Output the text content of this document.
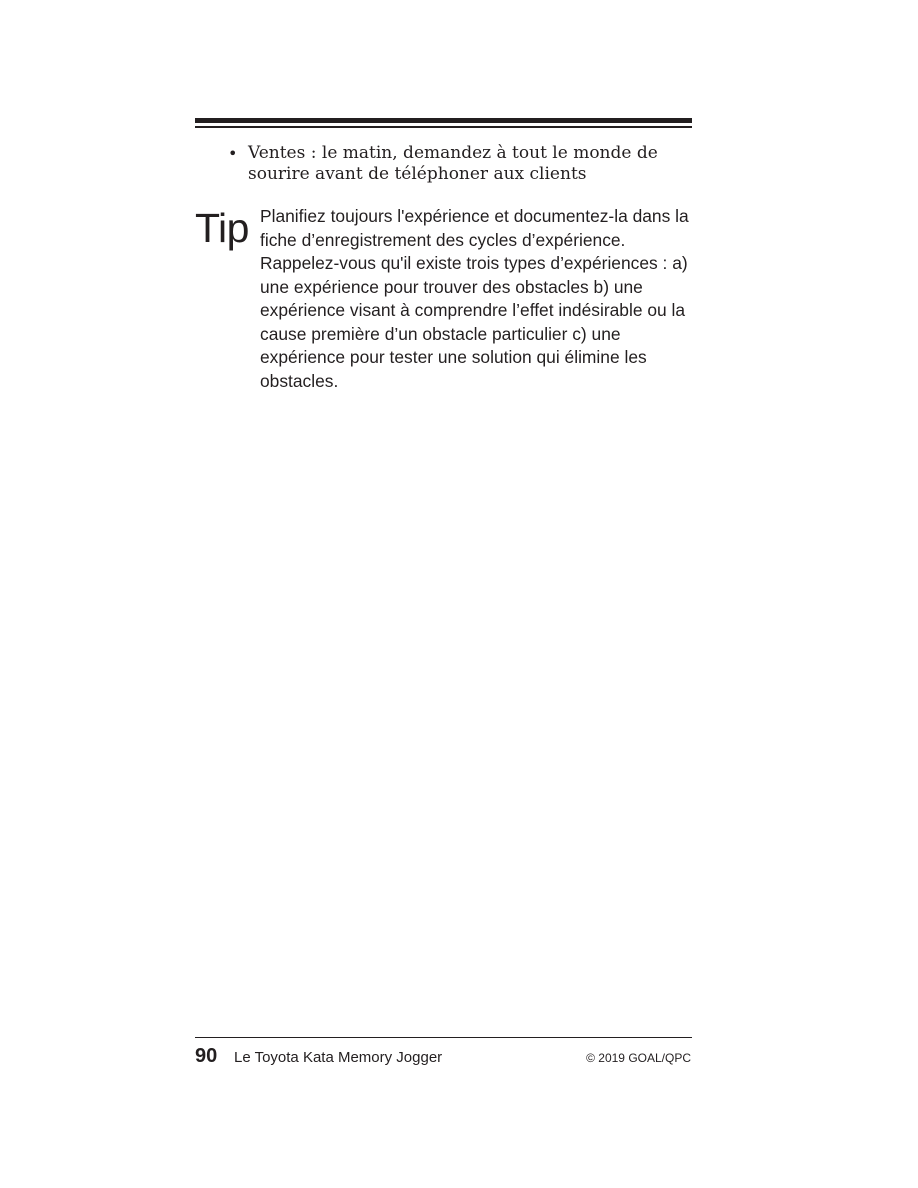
• Ventes : le matin, demandez à tout le monde de sourire avant de téléphoner aux clients
Tip Planifiez toujours l'expérience et documentez-la dans la fiche d’enregistrement des cycles d’expérience. Rappelez-vous qu'il existe trois types d’expériences : a) une expérience pour trouver des obstacles b) une expérience visant à comprendre l’effet indésirable ou la cause première d’un obstacle particulier c) une expérience pour tester une solution qui élimine les obstacles.
90 Le Toyota Kata Memory Jogger	© 2019 GOAL/QPC
